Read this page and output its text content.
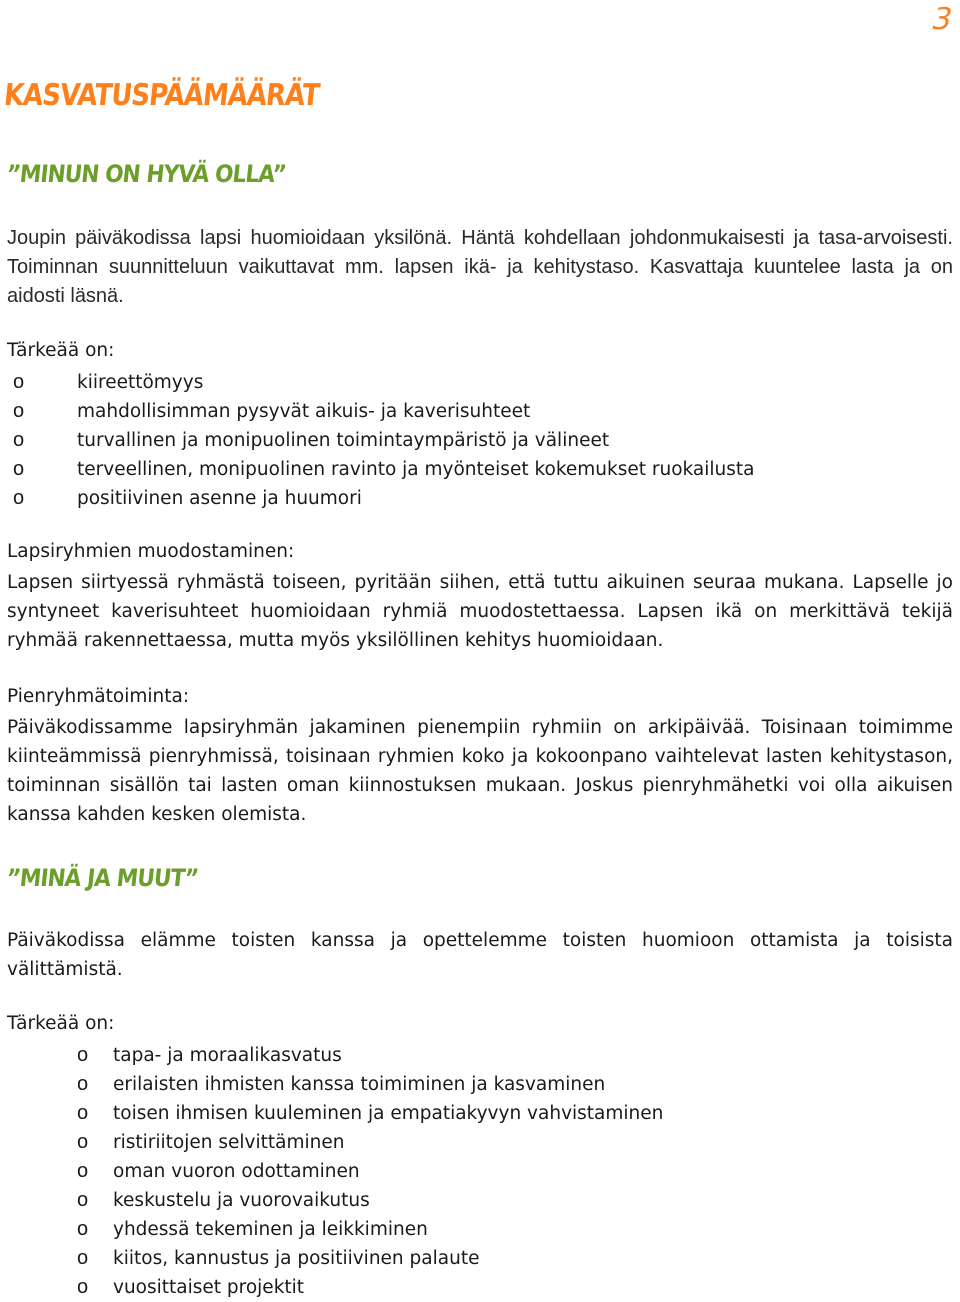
3
KASVATUSPÄÄMÄÄRÄT
”MINUN ON HYVÄ OLLA”

Joupin päiväkodissa lapsi huomioidaan yksilönä. Häntä kohdellaan johdonmukaisesti ja tasa-arvoisesti. Toiminnan suunnitteluun vaikuttavat mm. lapsen ikä- ja kehitystaso. Kasvattaja kuuntelee lasta ja on aidosti läsnä.

Tärkeää on:
o	kiireettömyys
o	mahdollisimman pysyvät aikuis- ja kaverisuhteet
o	turvallinen ja monipuolinen toimintaympäristö ja välineet
o	terveellinen, monipuolinen ravinto ja myönteiset kokemukset ruokailusta
o	positiivinen asenne ja huumori
Lapsiryhmien muodostaminen:

Lapsen siirtyessä ryhmästä toiseen, pyritään siihen, että tuttu aikuinen seuraa mukana. Lapselle jo syntyneet kaverisuhteet huomioidaan ryhmiä muodostettaessa. Lapsen ikä on merkittävä tekijä ryhmää rakennettaessa, mutta myös yksilöllinen kehitys huomioidaan.

Pienryhmätoiminta:

Päiväkodissamme lapsiryhmän jakaminen pienempiin ryhmiin on arkipäivää. Toisinaan toimimme kiinteämmissä pienryhmissä, toisinaan ryhmien koko ja kokoonpano vaihtelevat lasten kehitystason, toiminnan sisällön tai lasten oman kiinnostuksen mukaan. Joskus pienryhmähetki voi olla aikuisen kanssa kahden kesken olemista.

”MINÄ JA MUUT”

Päiväkodissa elämme toisten kanssa ja opettelemme toisten huomioon ottamista ja toisista välittämistä.

Tärkeää on:
o tapa- ja moraalikasvatus
o erilaisten ihmisten kanssa toimiminen ja kasvaminen
o toisen ihmisen kuuleminen ja empatiakyvyn vahvistaminen
o ristiriitojen selvittäminen
o oman vuoron odottaminen
o keskustelu ja vuorovaikutus
o yhdessä tekeminen ja leikkiminen
o kiitos, kannustus ja positiivinen palaute
o vuosittaiset projektit
